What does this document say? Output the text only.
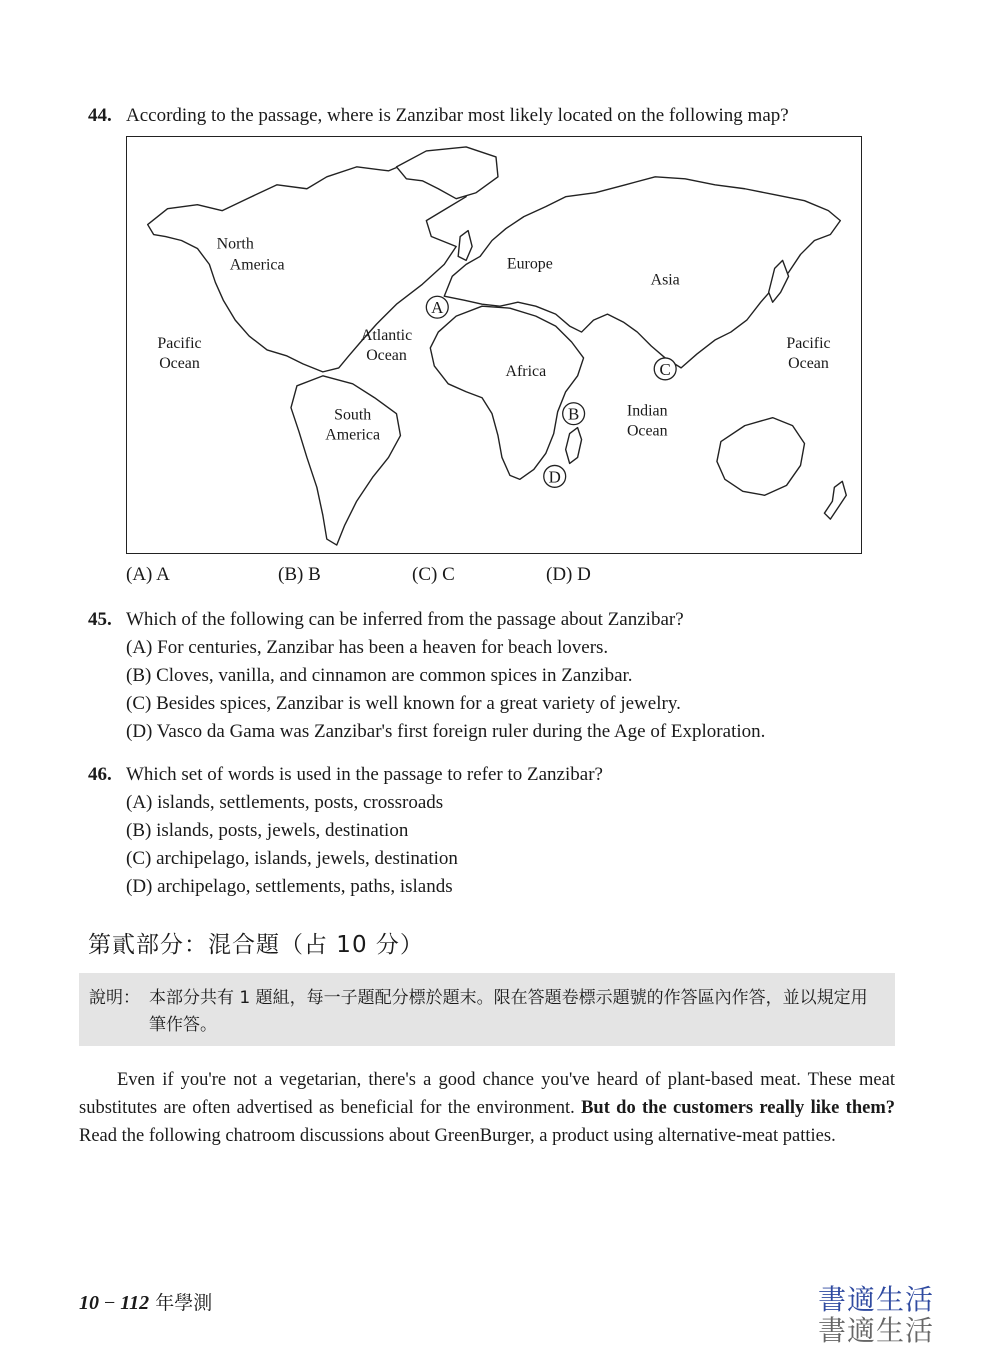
44. According to the passage, where is Zanzibar most likely located on the following map?
North
America	Europe
Asia
Pacific
Ocean
Atlantic
Ocean
Africa
Pacific
Ocean
South
America
Indian
Ocean
A
B
C
D
(A) A	(B) B	(C) C	(D) D
45. Which of the following can be inferred from the passage about Zanzibar?
(A) For centuries, Zanzibar has been a heaven for beach lovers.
(B) Cloves, vanilla, and cinnamon are common spices in Zanzibar.
(C) Besides spices, Zanzibar is well known for a great variety of jewelry.
(D) Vasco da Gama was Zanzibar's first foreign ruler during the Age of Exploration.
46. Which set of words is used in the passage to refer to Zanzibar?
(A) islands, settlements, posts, crossroads
(B) islands, posts, jewels, destination
(C) archipelago, islands, jewels, destination
(D) archipelago, settlements, paths, islands
第貳部分：混合題（占 10 分）
說明： 本部分共有 1 題組，每一子題配分標於題末。限在答題卷標示題號的作答區內作答，並以規定用筆作答。
Even if you're not a vegetarian, there's a good chance you've heard of plant-based meat. These meat substitutes are often advertised as beneficial for the environment. But do the customers really like them? Read the following chatroom discussions about GreenBurger, a product using alternative-meat patties.
10 − 112 年學測	書適生活
書適生活
